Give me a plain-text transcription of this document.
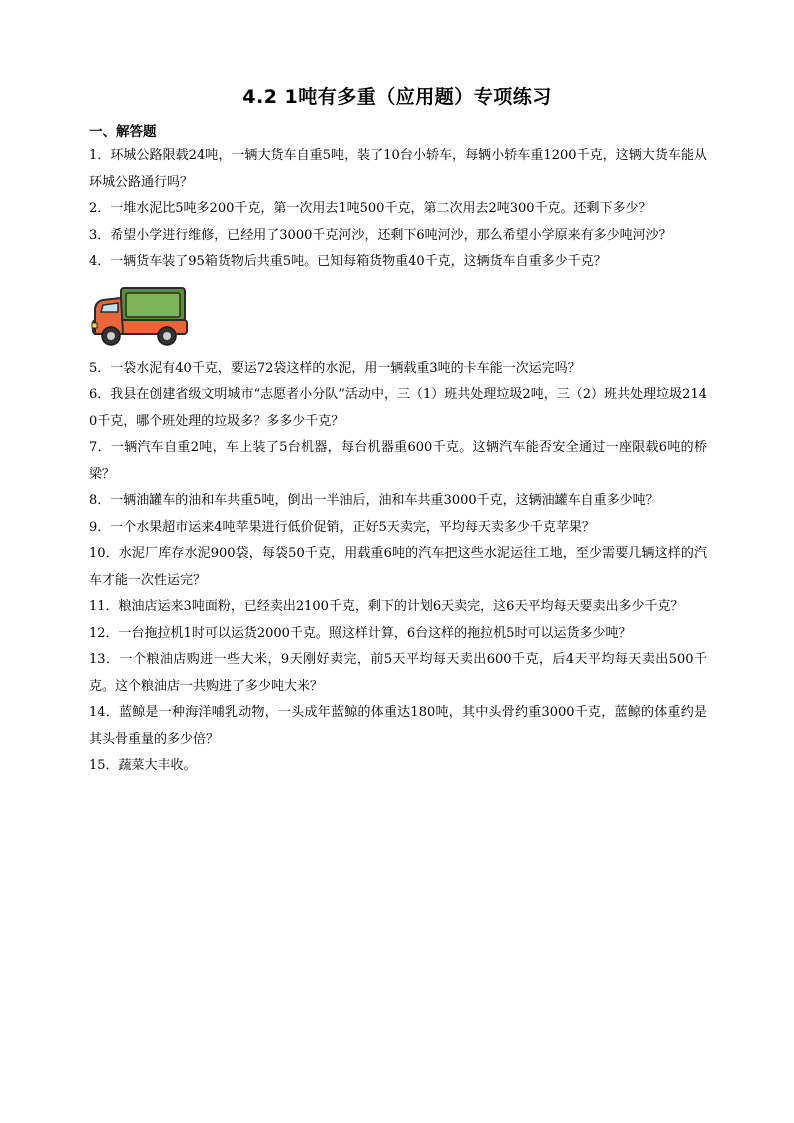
4.2 1吨有多重（应用题）专项练习
一、解答题

1．环城公路限载24吨，一辆大货车自重5吨，装了10台小轿车，每辆小轿车重1200千克，这辆大货车能从环城公路通行吗？

2．一堆水泥比5吨多200千克，第一次用去1吨500千克，第二次用去2吨300千克。还剩下多少？

3．希望小学进行维修，已经用了3000千克河沙，还剩下6吨河沙，那么希望小学原来有多少吨河沙？

4．一辆货车装了95箱货物后共重5吨。已知每箱货物重40千克，这辆货车自重多少千克？

5．一袋水泥有40千克，要运72袋这样的水泥，用一辆载重3吨的卡车能一次运完吗？

6．我县在创建省级文明城市“志愿者小分队”活动中，三（1）班共处理垃圾2吨，三（2）班共处理垃圾2140千克，哪个班处理的垃圾多？多多少千克？

7．一辆汽车自重2吨，车上装了5台机器，每台机器重600千克。这辆汽车能否安全通过一座限载6吨的桥梁？

8．一辆油罐车的油和车共重5吨，倒出一半油后，油和车共重3000千克，这辆油罐车自重多少吨？

9．一个水果超市运来4吨苹果进行低价促销，正好5天卖完，平均每天卖多少千克苹果？

10．水泥厂库存水泥900袋，每袋50千克，用载重6吨的汽车把这些水泥运往工地，至少需要几辆这样的汽车才能一次性运完？

11．粮油店运来3吨面粉，已经卖出2100千克，剩下的计划6天卖完，这6天平均每天要卖出多少千克？

12．一台拖拉机1时可以运货2000千克。照这样计算，6台这样的拖拉机5时可以运货多少吨？

13．一个粮油店购进一些大米，9天刚好卖完，前5天平均每天卖出600千克，后4天平均每天卖出500千克。这个粮油店一共购进了多少吨大米？

14．蓝鲸是一种海洋哺乳动物，一头成年蓝鲸的体重达180吨，其中头骨约重3000千克，蓝鲸的体重约是其头骨重量的多少倍？

15．蔬菜大丰收。
